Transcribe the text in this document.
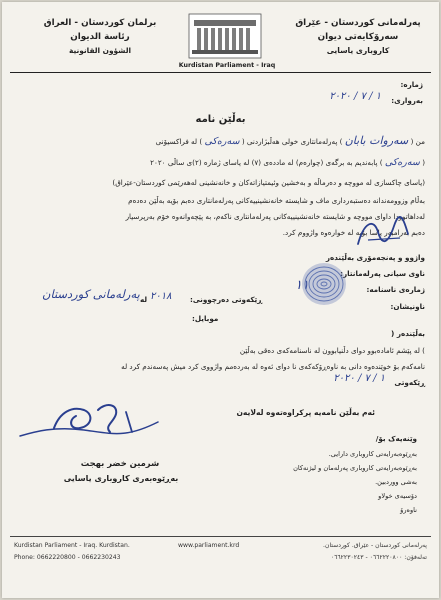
برلمان كوردستان - العراق
رئاسة الديوان
الشؤون القانونية
Kurdistan Parliament - Iraq
پەرلەمانی کوردستان - عێراق
سەرۆکایەتی دیوان
کاروباری یاسایی
ژمارە:
بەرواری:
۲۰۲۰ / ۷ / ۱
بەڵێن نامە
من ( سەروات بابان ) پەرلەمانتاری خولی هەڵبژاردنی ( سەرەکی ) لە فراکسیۆنی
( سەرەکی ) پابەندیم بە برگەی (چوارەم) لە ماددەی (۷) لە یاسای ژمارە (۲)ی ساڵی ۲۰۲۰
(یاسای چاکسازی لە مووچە و دەرماڵە و بەخشین وئیمتیازاتەکان و خانەنشینی لەهەرێمی کوردستان-عێراق)
بەڵام وزوومەندانە دەستبەرداری ماف و شایستە خانەنشینییەکانی پەرلەمانتاری دەبم بۆیە بەڵێن دەدەم
لەداهاتوودا داوای مووچە و شایستە خانەنشینییەکانی پەرلەمانتاری ناکەم، بە پێچەوانەوە خۆم بەرپرسیار
دەبم بەرامبەر یاسا بۆیە لە خوارەوە واژووم کرد.
واژوو و پەنجەمۆری بەڵێندەر
ناوی سیانی پەرلەمانتار:
ژمارەی ناسنامە:
١١
ناونیشان:
ڕێکەوتی دەرچوونی:
٢٠١٨
لە
پەرلەمانی کوردستان
موبایل:
بەڵێندەر (
) لە پێشم ئامادەبوو دوای دڵنیابوون لە ناسنامەکەی دەقی بەڵێن
نامەکەم بۆ خوێندەوە دانی بە ناوەڕۆکەکەی نا دوای ئەوە لە بەردەمم واژووی کرد میش پەسەندم کرد لە
ڕێکەوتی
۲۰۲۰ / ۷ / ۱
ئەم بەڵێن نامەیە پرکراوەتەوە لەلایەن
شرمین خضر بهجت
بەڕێوەبەری کاروباری یاسایی
وێنەیەک بۆ/
بەڕێوەبەرایەتی کاروباری دارایی.
بەڕێوەبەرایەتی کاروباری پەرلەمان و لیژنەکان
بەشی ووردبین.
دۆسیەی خولاو
ناوەرۆ
Kurdistan Parliament - Iraq. Kurdistan.
Phone: 0662220800 - 0662230243
www.parliament.krd	پەرلەمانی کوردستان - عێراق. کوردستان.
تەلەفۆن: ٠٦٦٢٢٢٠٨٠٠ - ٠٦٦٢٢٣٠٢٤٣
